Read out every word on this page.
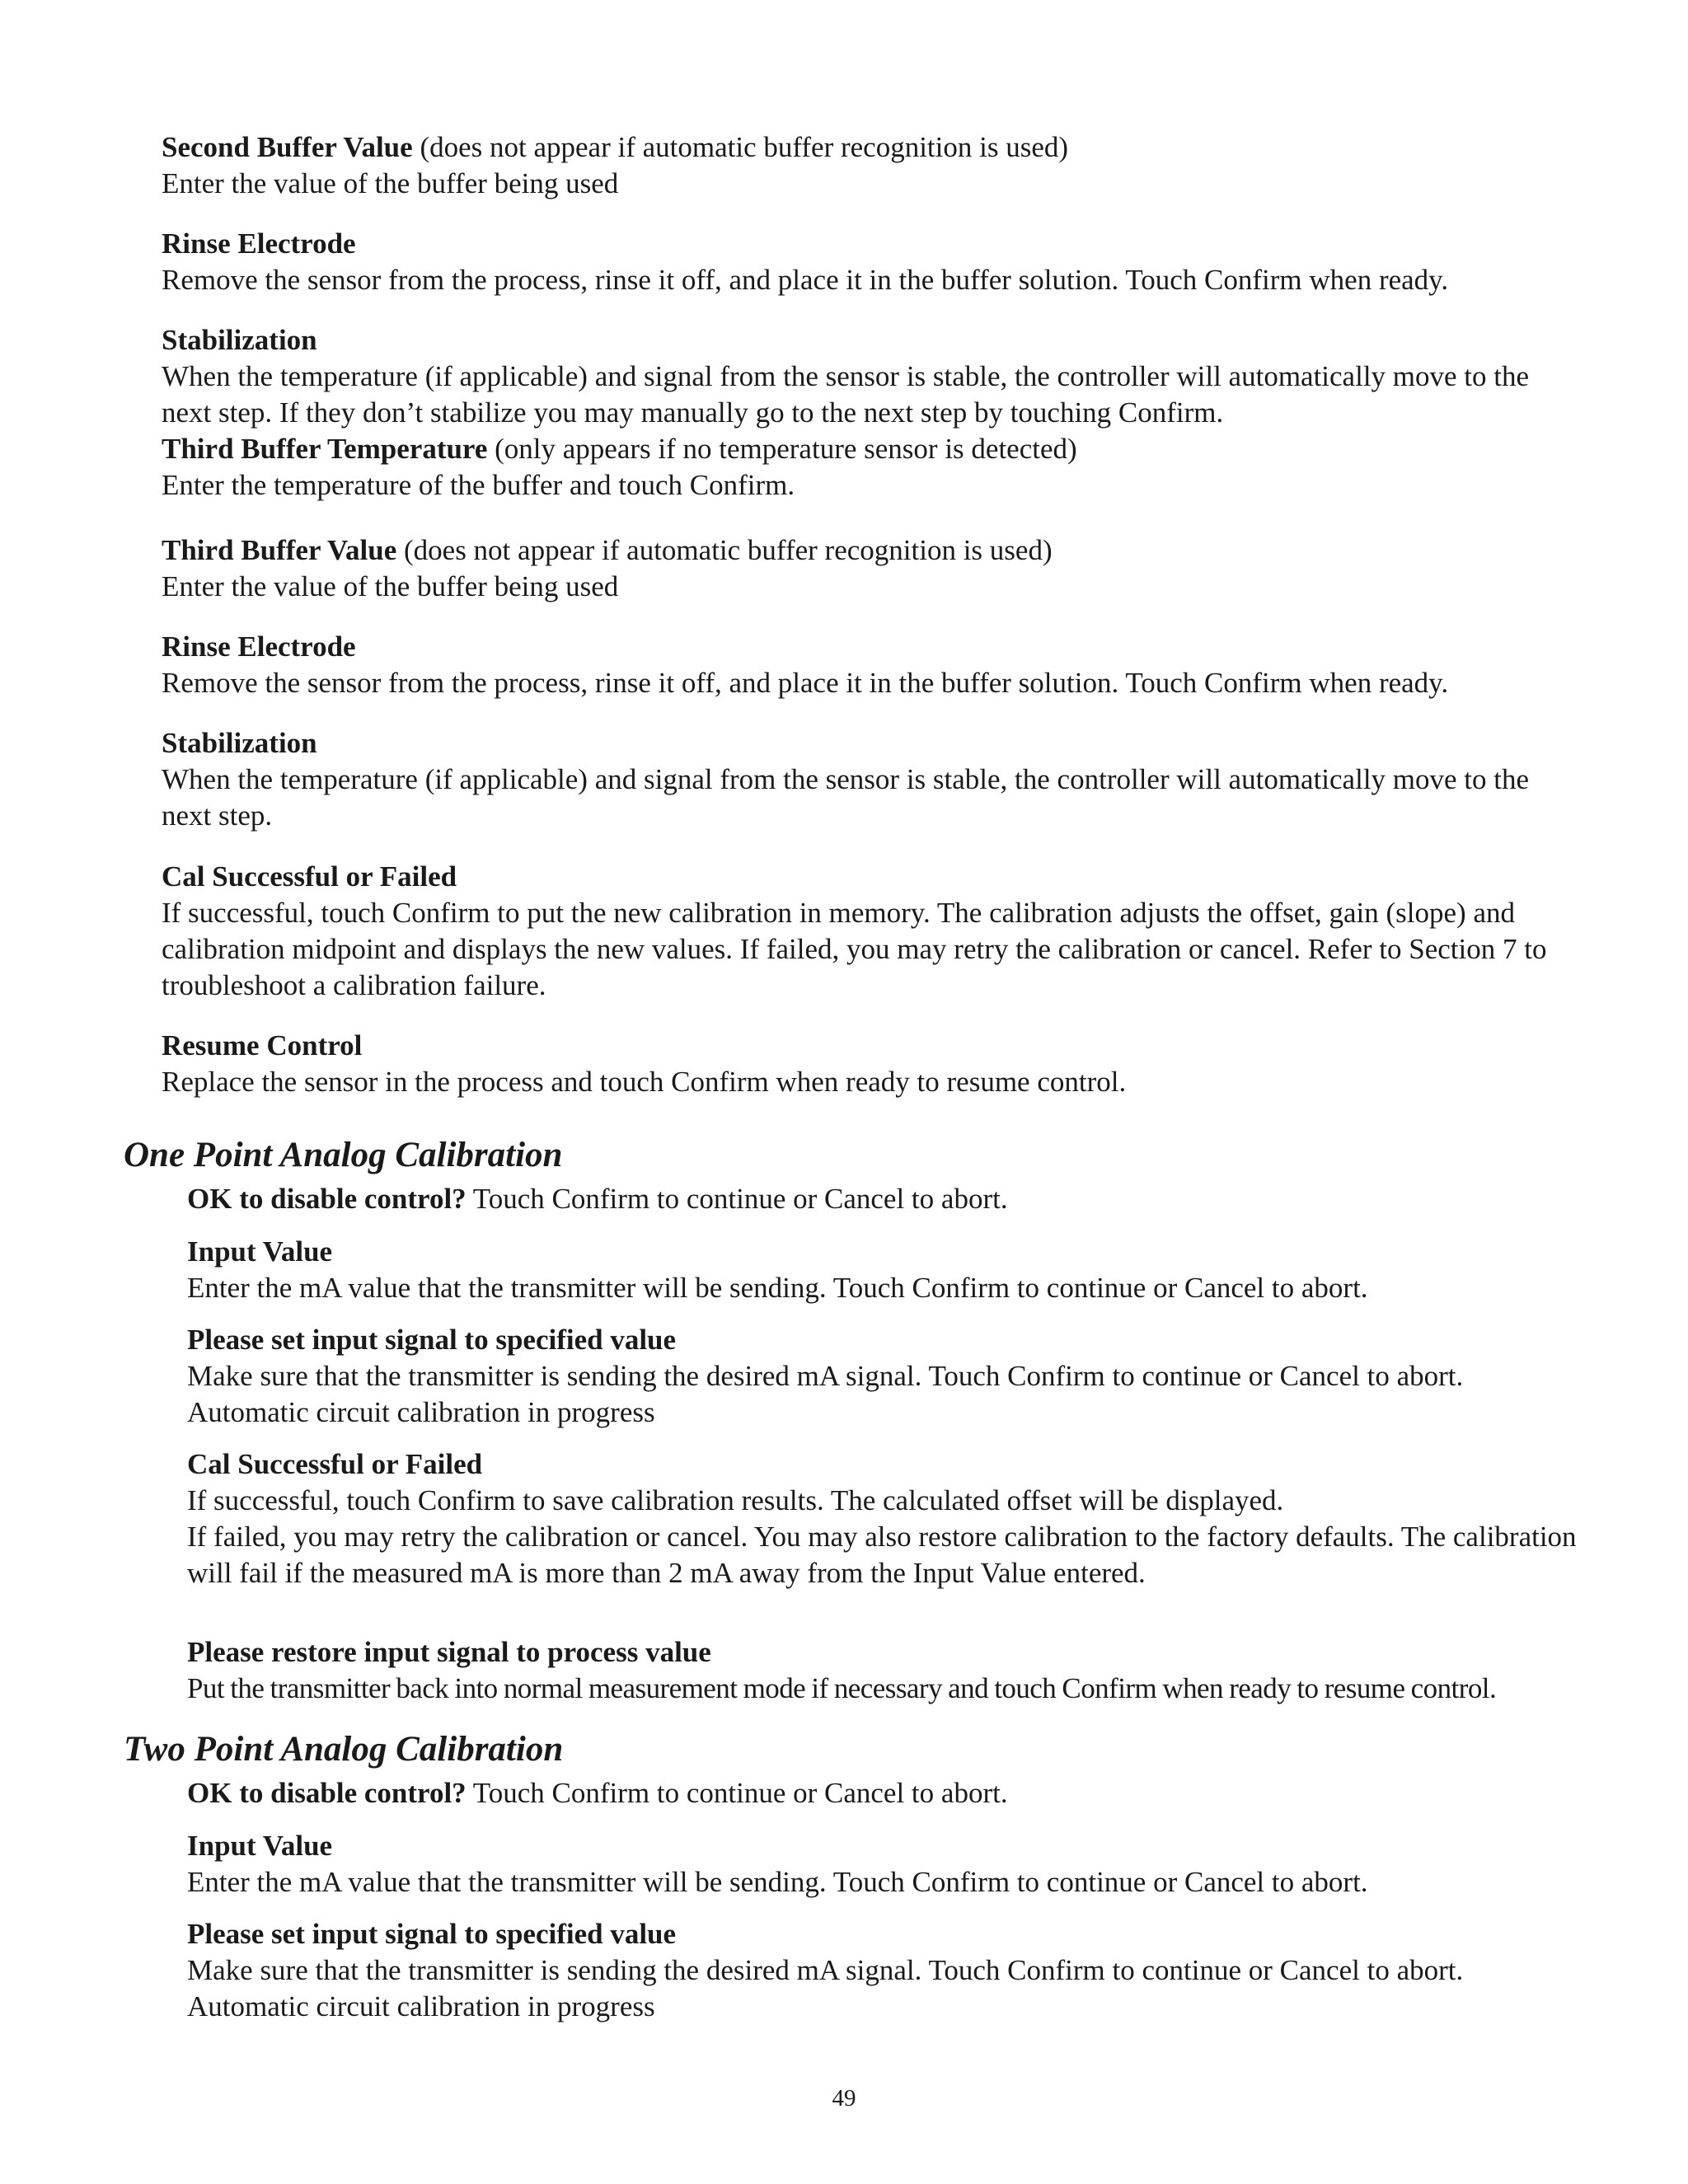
Second Buffer Value (does not appear if automatic buffer recognition is used)

Enter the value of the buffer being used

Rinse Electrode

Remove the sensor from the process, rinse it off, and place it in the buffer solution. Touch Confirm when ready.

Stabilization

When the temperature (if applicable) and signal from the sensor is stable, the controller will automatically move to the next step. If they don’t stabilize you may manually go to the next step by touching Confirm.

Third Buffer Temperature (only appears if no temperature sensor is detected)

Enter the temperature of the buffer and touch Confirm.

Third Buffer Value (does not appear if automatic buffer recognition is used)

Enter the value of the buffer being used

Rinse Electrode

Remove the sensor from the process, rinse it off, and place it in the buffer solution. Touch Confirm when ready.

Stabilization

When the temperature (if applicable) and signal from the sensor is stable, the controller will automatically move to the next step.

Cal Successful or Failed

If successful, touch Confirm to put the new calibration in memory. The calibration adjusts the offset, gain (slope) and calibration midpoint and displays the new values. If failed, you may retry the calibration or cancel. Refer to Section 7 to troubleshoot a calibration failure.

Resume Control

Replace the sensor in the process and touch Confirm when ready to resume control.

One Point Analog Calibration

OK to disable control? Touch Confirm to continue or Cancel to abort.

Input Value

Enter the mA value that the transmitter will be sending. Touch Confirm to continue or Cancel to abort.

Please set input signal to specified value

Make sure that the transmitter is sending the desired mA signal. Touch Confirm to continue or Cancel to abort.

Automatic circuit calibration in progress

Cal Successful or Failed

If successful, touch Confirm to save calibration results. The calculated offset will be displayed.

If failed, you may retry the calibration or cancel. You may also restore calibration to the factory defaults. The calibration will fail if the measured mA is more than 2 mA away from the Input Value entered.

Please restore input signal to process value

Put the transmitter back into normal measurement mode if necessary and touch Confirm when ready to resume control.

Two Point Analog Calibration

OK to disable control? Touch Confirm to continue or Cancel to abort.

Input Value

Enter the mA value that the transmitter will be sending. Touch Confirm to continue or Cancel to abort.

Please set input signal to specified value

Make sure that the transmitter is sending the desired mA signal. Touch Confirm to continue or Cancel to abort.

Automatic circuit calibration in progress

49
